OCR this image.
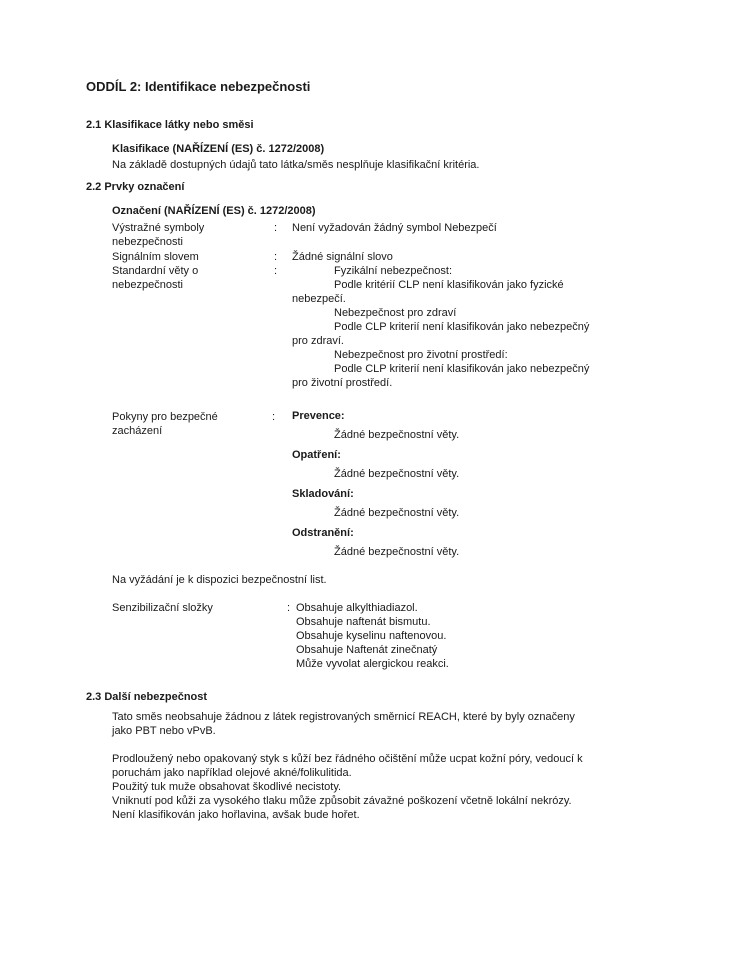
ODDÍL 2: Identifikace nebezpečnosti
2.1 Klasifikace látky nebo směsi
Klasifikace (NAŘÍZENÍ (ES) č. 1272/2008)
Na základě dostupných údajů tato látka/směs nesplňuje klasifikační kritéria.
2.2 Prvky označení
Označení (NAŘÍZENÍ (ES) č. 1272/2008)
Výstražné symboly
nebezpečnosti
: Není vyžadován žádný symbol Nebezpečí
Signálním slovem	: Žádné signální slovo
Standardní věty o
nebezpečnosti
:	Fyzikální nebezpečnost:
Podle kritérií CLP není klasifikován jako fyzické
nebezpečí.
Nebezpečnost pro zdraví
Podle CLP kriterií není klasifikován jako nebezpečný
pro zdraví.
Nebezpečnost pro životní prostředí:
Podle CLP kriterií není klasifikován jako nebezpečný
pro životní prostředí.
Pokyny pro bezpečné
zacházení
: Prevence:
Žádné bezpečnostní věty.
Opatření:
Žádné bezpečnostní věty.
Skladování:
Žádné bezpečnostní věty.
Odstranění:
Žádné bezpečnostní věty.
Na vyžádání je k dispozici bezpečnostní list.
Senzibilizační složky	: Obsahuje alkylthiadiazol.
Obsahuje naftenát bismutu.
Obsahuje kyselinu naftenovou.
Obsahuje Naftenát zinečnatý
Může vyvolat alergickou reakci.
2.3 Další nebezpečnost
Tato směs neobsahuje žádnou z látek registrovaných směrnicí REACH, které by byly označeny
jako PBT nebo vPvB.
Prodloužený nebo opakovaný styk s kůží bez řádného očištění může ucpat kožní póry, vedoucí k
poruchám jako například olejové akné/folikulitida.
Použitý tuk muže obsahovat škodlivé necistoty.
Vniknutí pod kůži za vysokého tlaku může způsobit závažné poškození včetně lokální nekrózy.
Není klasifikován jako hořlavina, avšak bude hořet.
